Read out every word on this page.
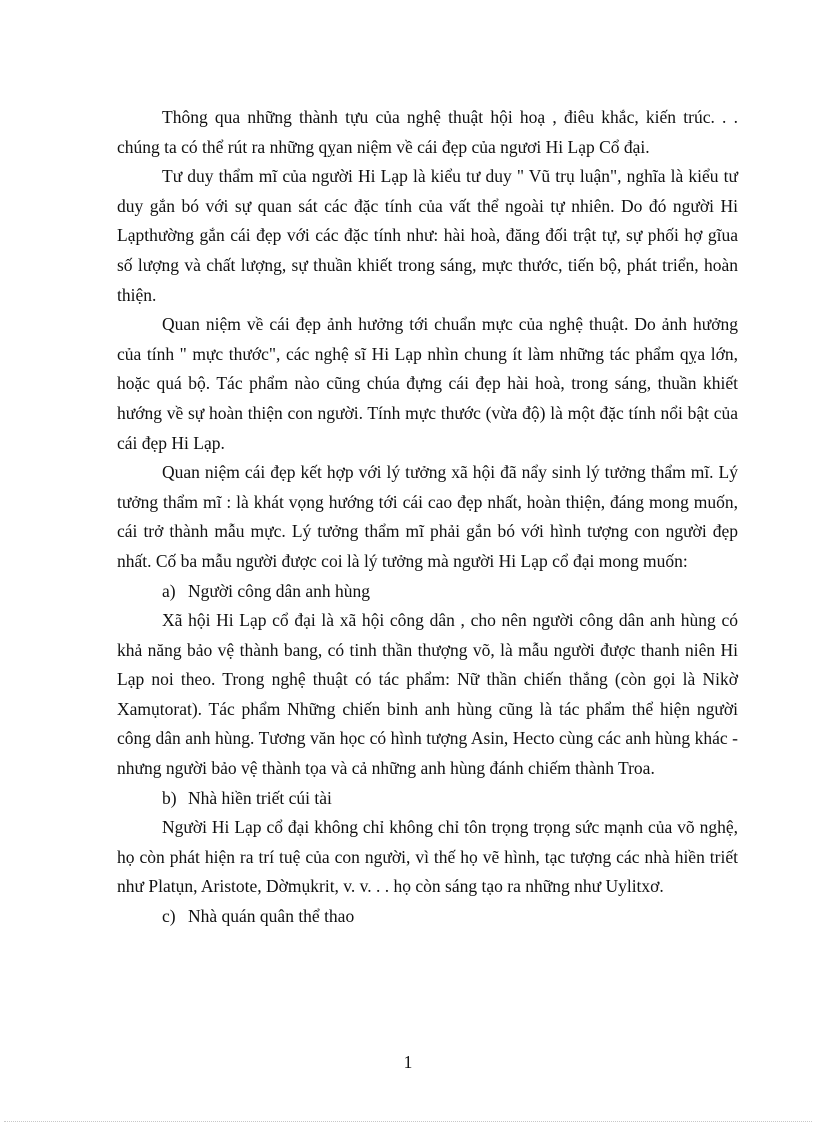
Thông qua những thành tựu của nghệ thuật hội hoạ , điêu khắc, kiến trúc. . . chúng ta có thể rút ra những qỵan niệm về cái đẹp của ngươi Hi Lạp Cổ đại.

Tư duy thẩm mĩ của người Hi Lạp là kiểu tư duy " Vũ trụ luận", nghĩa là kiểu tư duy gắn bó với sự quan sát các đặc tính của vất thể ngoài tự nhiên. Do đó người Hi Lạpthường gắn cái đẹp với các đặc tính như: hài hoà, đăng đối trật tự, sự phối hợ gĩua số lượng và chất lượng, sự thuần khiết trong sáng, mực thước, tiến bộ, phát triển, hoàn thiện.

Quan niệm về cái đẹp ảnh hưởng tới chuẩn mực của nghệ thuật. Do ảnh hưởng của tính " mực thước", các nghệ sĩ Hi Lạp nhìn chung ít làm những tác phẩm qỵa lớn, hoặc quá bộ. Tác phẩm nào cũng chúa đựng cái đẹp hài hoà, trong sáng, thuần khiết hướng về sự hoàn thiện con người. Tính mực thước (vừa độ) là một đặc tính nổi bật của cái đẹp Hi Lạp.

Quan niệm cái đẹp kết hợp với lý tưởng xã hội đã nẩy sinh lý tưởng thẩm mĩ. Lý tưởng thẩm mĩ : là khát vọng hướng tới cái cao đẹp nhất, hoàn thiện, đáng mong muốn, cái trở thành mẫu mực. Lý tưởng thẩm mĩ phải gắn bó với hình tượng con người đẹp nhất. Cố ba mẫu người được coi là lý tưởng mà người Hi Lạp cổ đại mong muốn:

a) Người công dân anh hùng

Xã hội Hi Lạp cổ đại là xã hội công dân , cho nên người công dân anh hùng có khả năng bảo vệ thành bang, có tinh thần thượng võ, là mẫu người được thanh niên Hi Lạp noi theo. Trong nghệ thuật có tác phẩm: Nữ thần chiến thắng (còn gọi là Nikờ Xamụtorat). Tác phẩm Những chiến binh anh hùng cũng là tác phẩm thể hiện người công dân anh hùng. Tương văn học có hình tượng Asin, Hecto cùng các anh hùng khác - nhưng người bảo vệ thành tọa và cả những anh hùng đánh chiếm thành Troa.

b) Nhà hiền triết cúi tài

Người Hi Lạp cổ đại không chỉ không chỉ tôn trọng trọng sức mạnh của võ nghệ, họ còn phát hiện ra trí tuệ của con người, vì thế họ vẽ hình, tạc tượng các nhà hiền triết như Platụn, Aristote, Dờmụkrit, v. v. . . họ còn sáng tạo ra những như Uylitxơ.

c) Nhà quán quân thể thao
1
